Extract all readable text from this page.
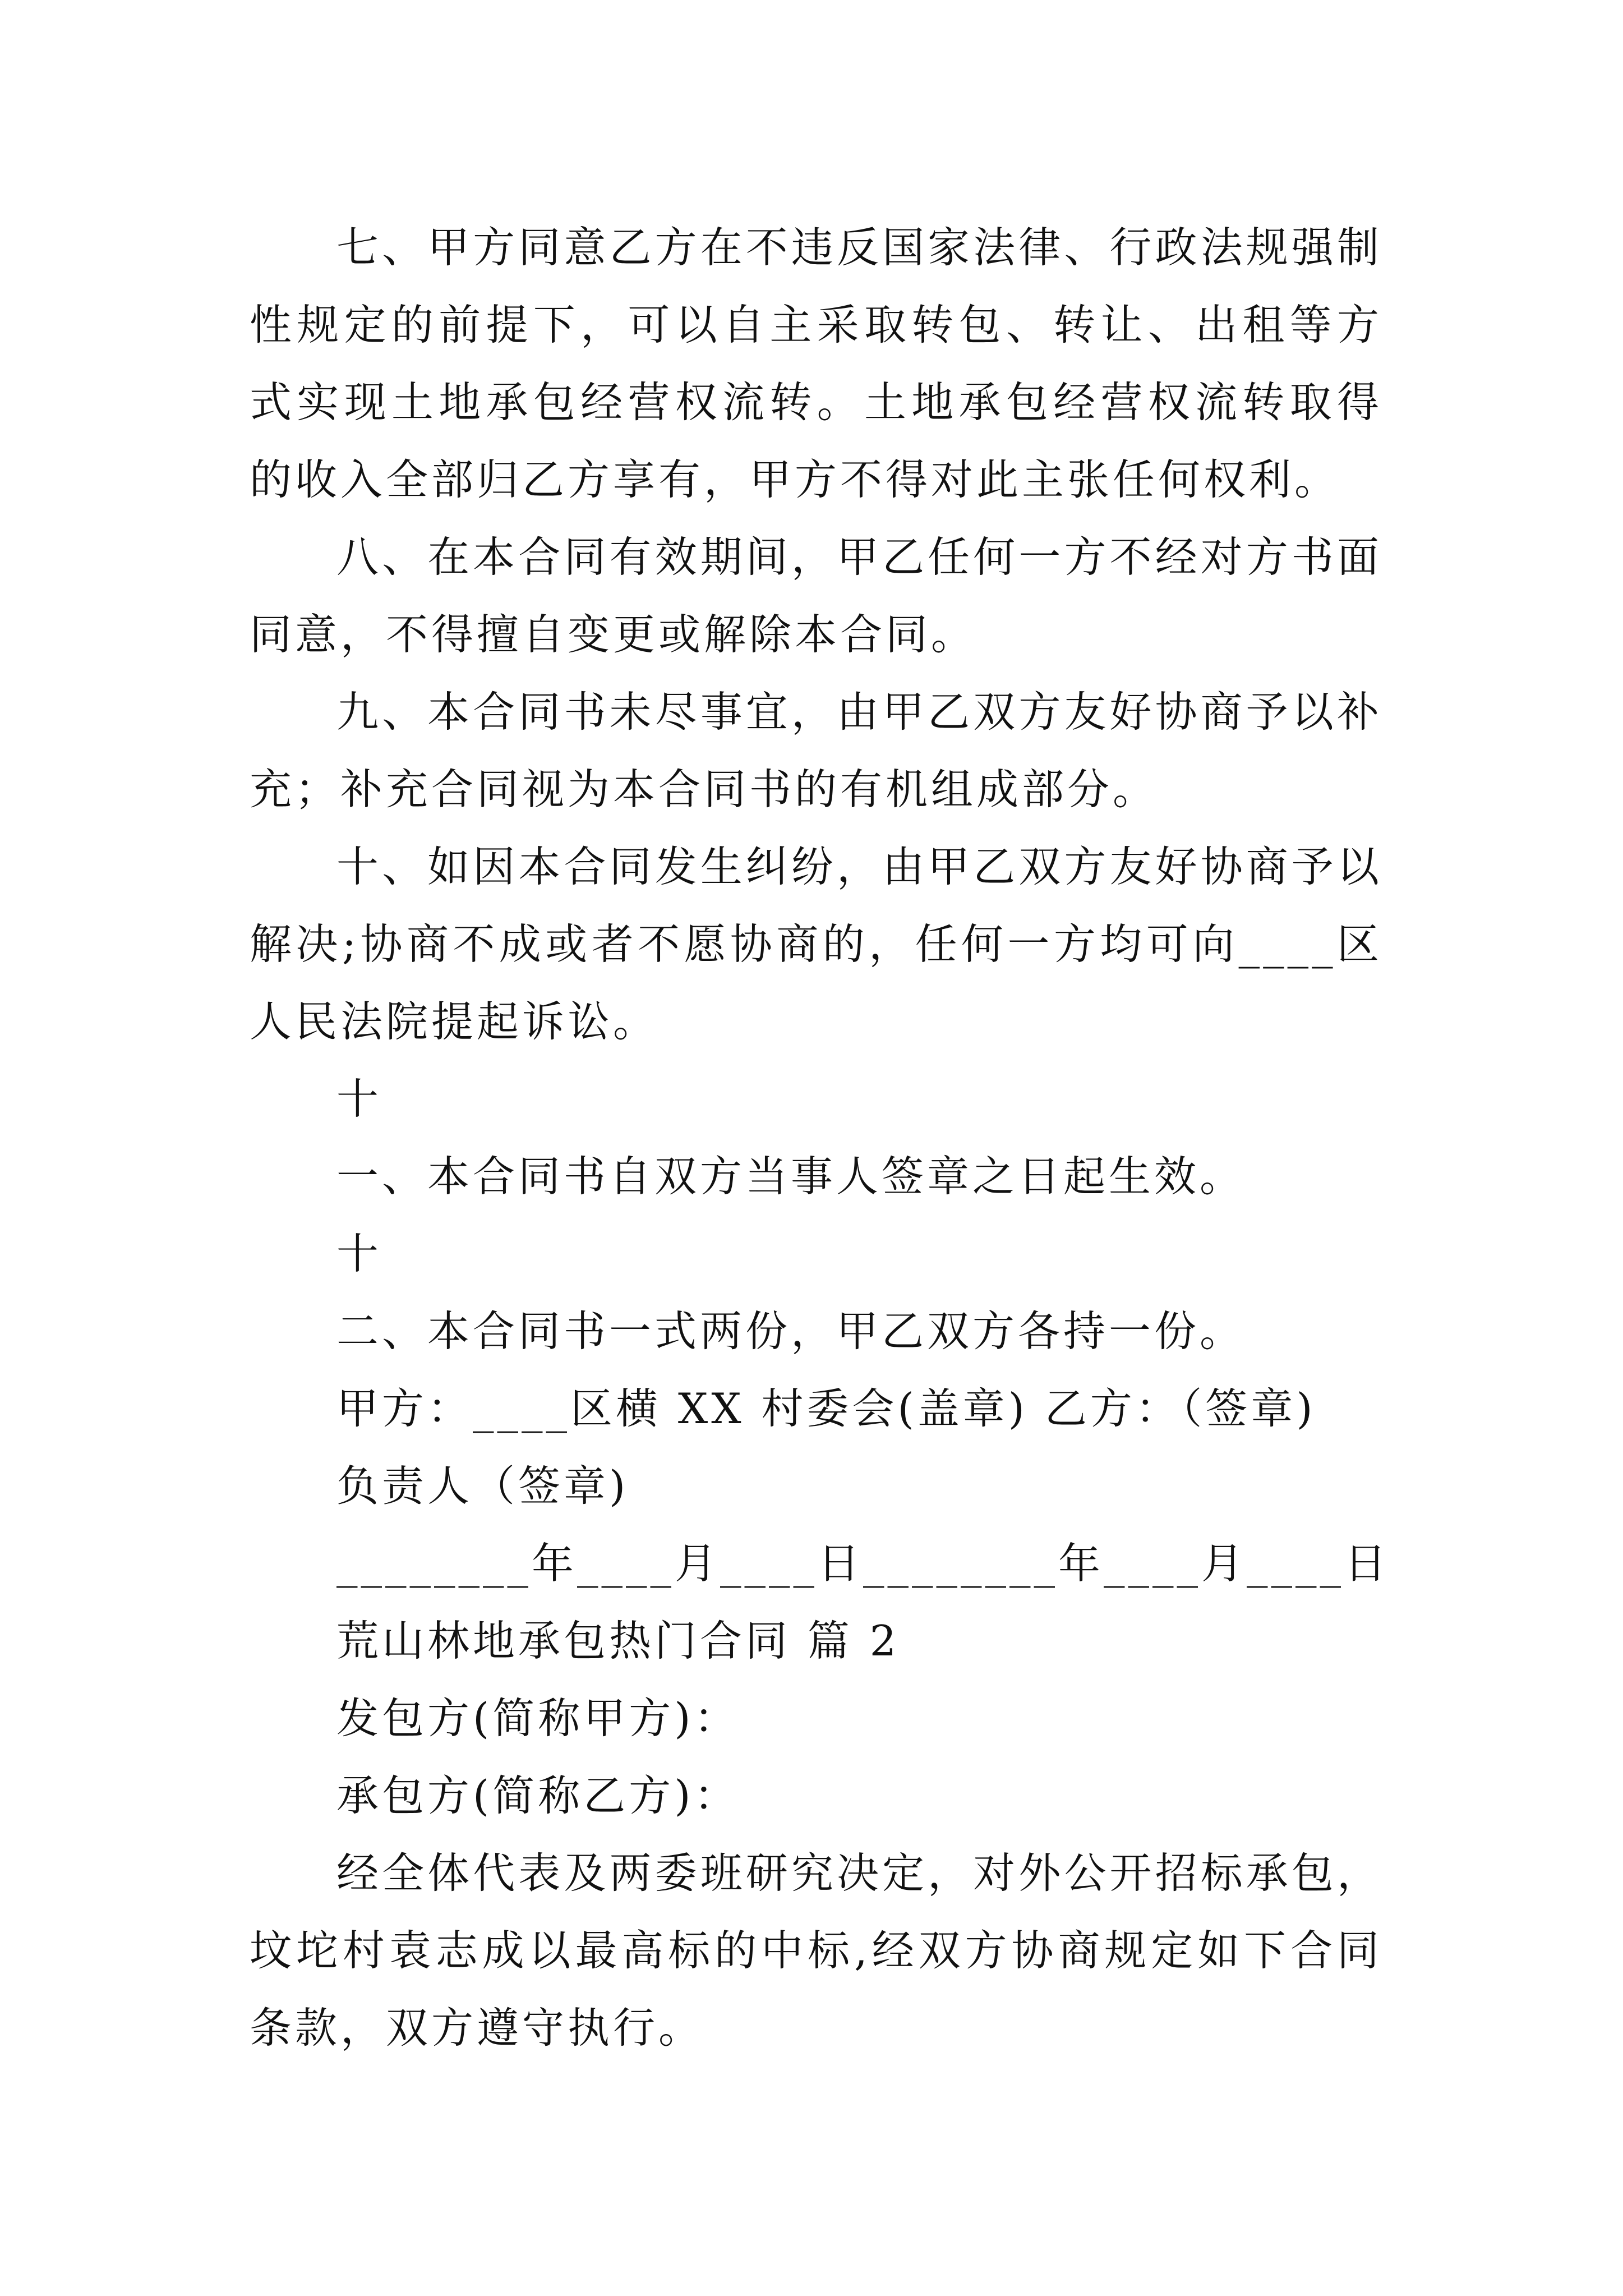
七、甲方同意乙方在不违反国家法律、行政法规强制性规定的前提下，可以自主采取转包、转让、出租等方式实现土地承包经营权流转。土地承包经营权流转取得的收入全部归乙方享有，甲方不得对此主张任何权利。

八、在本合同有效期间，甲乙任何一方不经对方书面同意，不得擅自变更或解除本合同。

九、本合同书未尽事宜，由甲乙双方友好协商予以补充；补充合同视为本合同书的有机组成部分。

十、如因本合同发生纠纷，由甲乙双方友好协商予以解决;协商不成或者不愿协商的，任何一方均可向____区人民法院提起诉讼。

十

一、本合同书自双方当事人签章之日起生效。

十

二、本合同书一式两份，甲乙双方各持一份。

甲方：____区横 XX 村委会(盖章) 乙方：（签章)

负责人（签章)

________年____月____日________年____月____日

荒山林地承包热门合同 篇 2

发包方(简称甲方)：

承包方(简称乙方)：

经全体代表及两委班研究决定，对外公开招标承包，坟坨村袁志成以最高标的中标,经双方协商规定如下合同条款，双方遵守执行。
